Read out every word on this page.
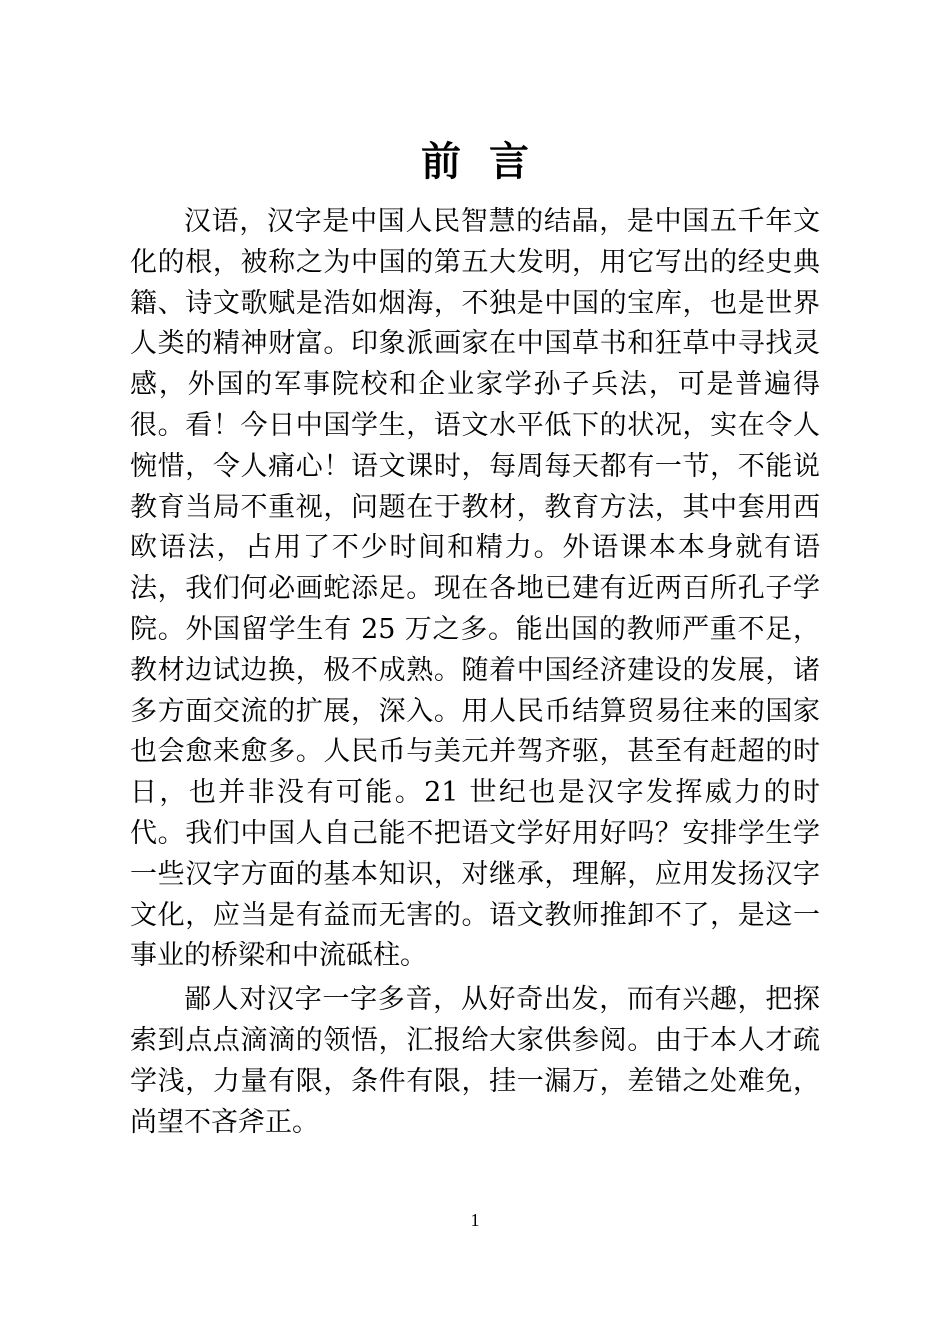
前言

汉语，汉字是中国人民智慧的结晶，是中国五千年文化的根，被称之为中国的第五大发明，用它写出的经史典籍、诗文歌赋是浩如烟海，不独是中国的宝库，也是世界人类的精神财富。印象派画家在中国草书和狂草中寻找灵感，外国的军事院校和企业家学孙子兵法，可是普遍得很。看！今日中国学生，语文水平低下的状况，实在令人惋惜，令人痛心！语文课时，每周每天都有一节，不能说教育当局不重视，问题在于教材，教育方法，其中套用西欧语法，占用了不少时间和精力。外语课本本身就有语法，我们何必画蛇添足。现在各地已建有近两百所孔子学院。外国留学生有 25 万之多。能出国的教师严重不足，教材边试边换，极不成熟。随着中国经济建设的发展，诸多方面交流的扩展，深入。用人民币结算贸易往来的国家也会愈来愈多。人民币与美元并驾齐驱，甚至有赶超的时日，也并非没有可能。21 世纪也是汉字发挥威力的时代。我们中国人自己能不把语文学好用好吗？安排学生学一些汉字方面的基本知识，对继承，理解，应用发扬汉字文化，应当是有益而无害的。语文教师推卸不了，是这一事业的桥梁和中流砥柱。

鄙人对汉字一字多音，从好奇出发，而有兴趣，把探索到点点滴滴的领悟，汇报给大家供参阅。由于本人才疏学浅，力量有限，条件有限，挂一漏万，差错之处难免，尚望不吝斧正。

1
